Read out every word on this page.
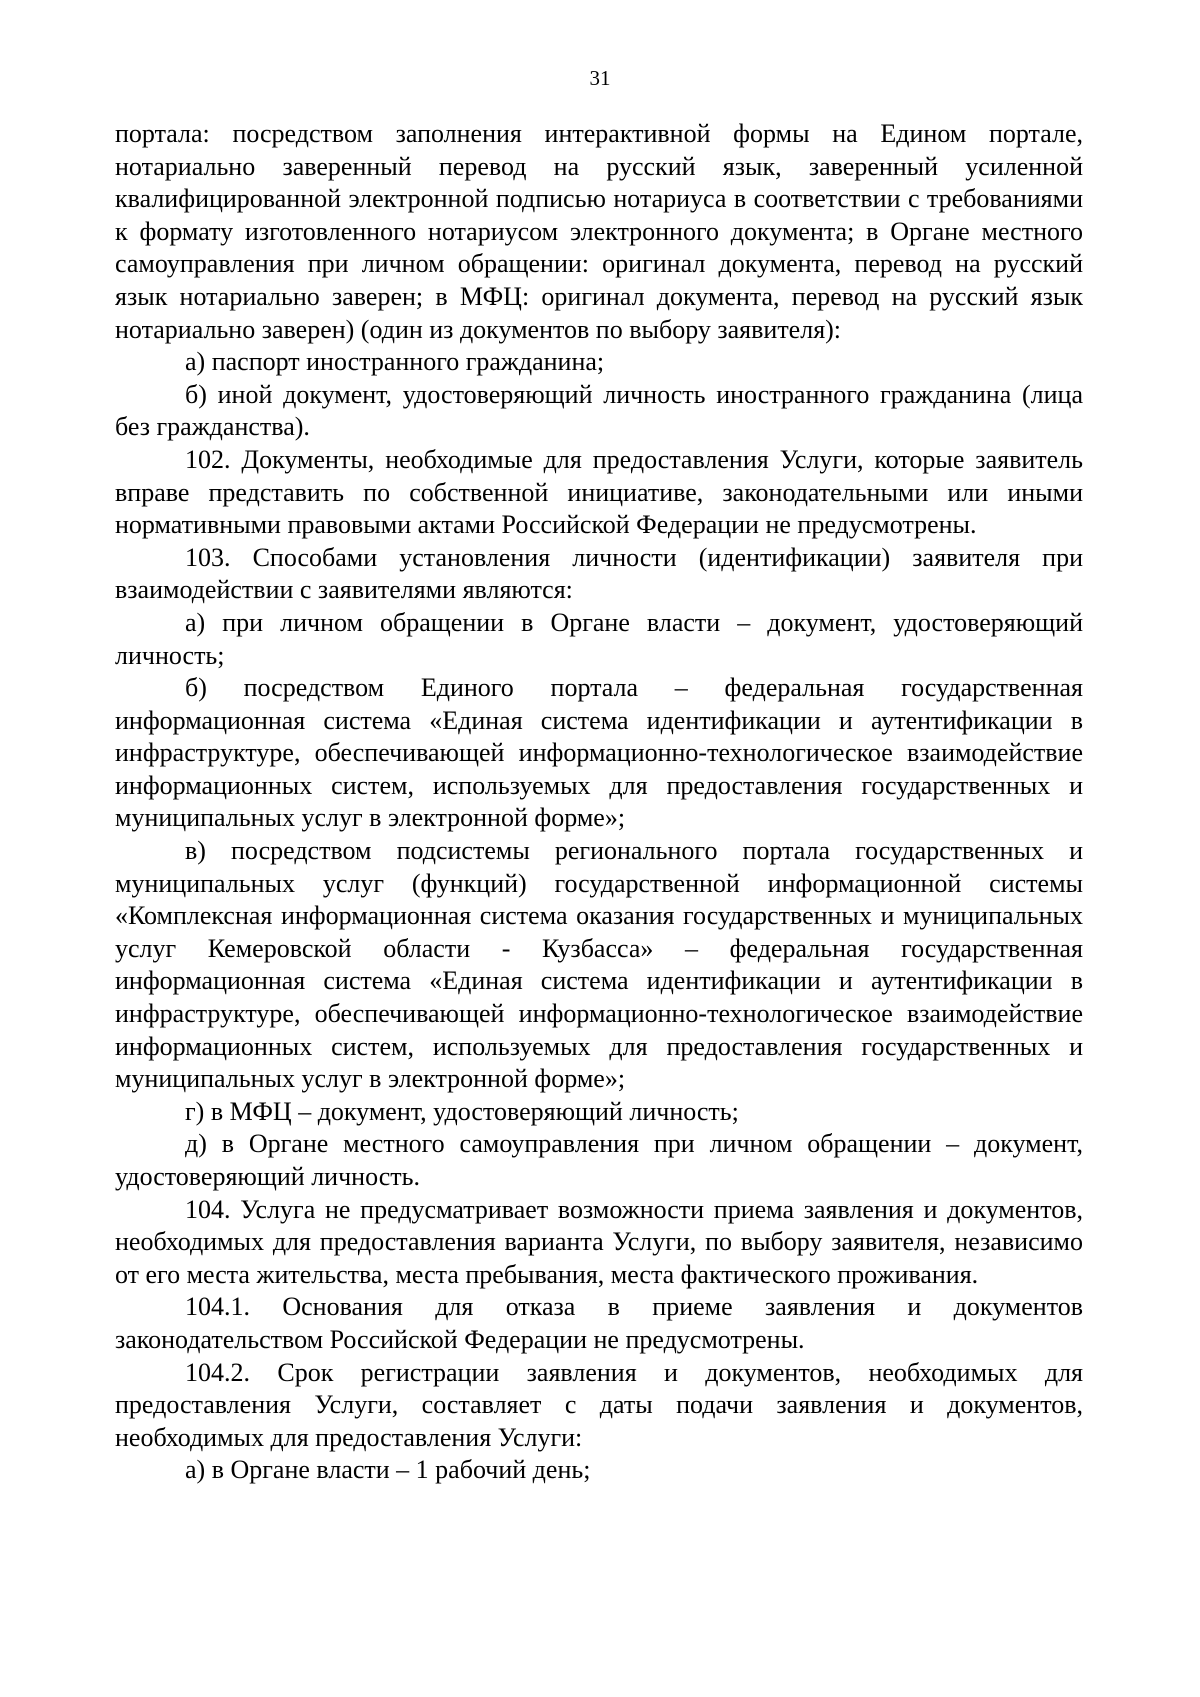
31

портала: посредством заполнения интерактивной формы на Едином портале, нотариально заверенный перевод на русский язык, заверенный усиленной квалифицированной электронной подписью нотариуса в соответствии с требованиями к формату изготовленного нотариусом электронного документа; в Органе местного самоуправления при личном обращении: оригинал документа, перевод на русский язык нотариально заверен; в МФЦ: оригинал документа, перевод на русский язык нотариально заверен) (один из документов по выбору заявителя):

а) паспорт иностранного гражданина;

б) иной документ, удостоверяющий личность иностранного гражданина (лица без гражданства).

102. Документы, необходимые для предоставления Услуги, которые заявитель вправе представить по собственной инициативе, законодательными или иными нормативными правовыми актами Российской Федерации не предусмотрены.

103. Способами установления личности (идентификации) заявителя при взаимодействии с заявителями являются:

а) при личном обращении в Органе власти – документ, удостоверяющий личность;

б) посредством Единого портала – федеральная государственная информационная система «Единая система идентификации и аутентификации в инфраструктуре, обеспечивающей информационно-технологическое взаимодействие информационных систем, используемых для предоставления государственных и муниципальных услуг в электронной форме»;

в) посредством подсистемы регионального портала государственных и муниципальных услуг (функций) государственной информационной системы «Комплексная информационная система оказания государственных и муниципальных услуг Кемеровской области - Кузбасса» – федеральная государственная информационная система «Единая система идентификации и аутентификации в инфраструктуре, обеспечивающей информационно-технологическое взаимодействие информационных систем, используемых для предоставления государственных и муниципальных услуг в электронной форме»;

г) в МФЦ – документ, удостоверяющий личность;

д) в Органе местного самоуправления при личном обращении – документ, удостоверяющий личность.

104. Услуга не предусматривает возможности приема заявления и документов, необходимых для предоставления варианта Услуги, по выбору заявителя, независимо от его места жительства, места пребывания, места фактического проживания.

104.1. Основания для отказа в приеме заявления и документов законодательством Российской Федерации не предусмотрены.

104.2. Срок регистрации заявления и документов, необходимых для предоставления Услуги, составляет с даты подачи заявления и документов, необходимых для предоставления Услуги:

а) в Органе власти – 1 рабочий день;
